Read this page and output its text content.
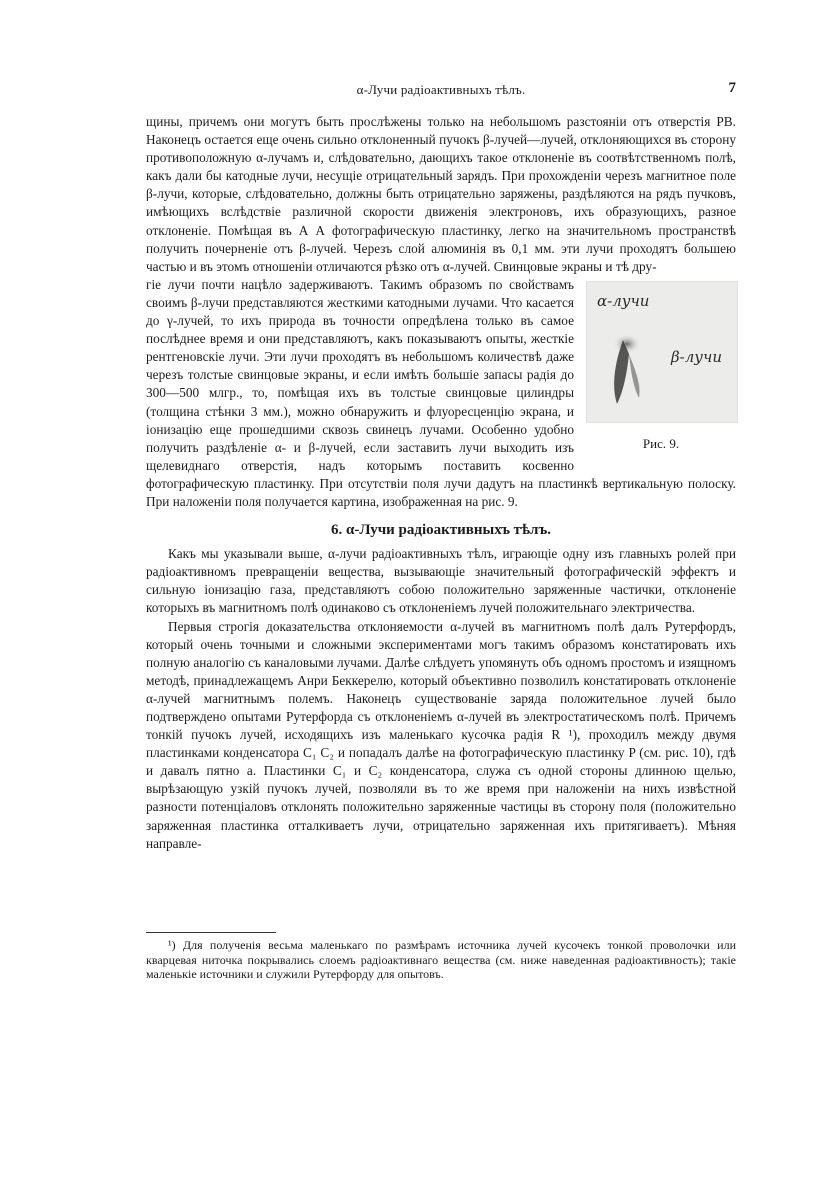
α-Лучи радіоактивныхъ тѣлъ.	7

щины, причемъ они могутъ быть прослѣжены только на небольшомъ разстояніи отъ отверстія PB. Наконецъ остается еще очень сильно отклоненный пучокъ β-лучей—лучей, отклоняющихся въ сторону противоположную α-лучамъ и, слѣдовательно, дающихъ такое отклоненіе въ соотвѣтственномъ полѣ, какъ дали бы катодные лучи, несущіе отрицательный зарядъ. При прохожденіи черезъ магнитное поле β-лучи, которые, слѣдовательно, должны быть отрицательно заряжены, раздѣляются на рядъ пучковъ, имѣющихъ вслѣдствіе различной скорости движенія электроновъ, ихъ образующихъ, разное отклоненіе. Помѣщая въ А А фотографическую пластинку, легко на значительномъ пространствѣ получить почерненіе отъ β-лучей. Черезъ слой алюминія въ 0,1 мм. эти лучи проходятъ большею частью и въ этомъ отношеніи отличаются рѣзко отъ α-лучей. Свинцовые экраны и тѣ дру-

α-лучи
β-лучи
Рис. 9.

гіе лучи почти нацѣло задерживаютъ. Такимъ образомъ по свойствамъ своимъ β-лучи представляются жесткими катодными лучами. Что касается до γ-лучей, то ихъ природа въ точности опредѣлена только въ самое послѣднее время и они представляютъ, какъ показываютъ опыты, жесткіе рентгеновскіе лучи. Эти лучи проходятъ въ небольшомъ количествѣ даже черезъ толстые свинцовые экраны, и если имѣть большіе запасы радія до 300—500 млгр., то, помѣщая ихъ въ толстые свинцовые цилиндры (толщина стѣнки 3 мм.), можно обнаружить и флуоресценцію экрана, и іонизацію еще прошедшими сквозь свинецъ лучами. Особенно удобно получить раздѣленіе α- и β-лучей, если заставить лучи выходить изъ щелевиднаго отверстія, надъ которымъ поставить косвенно фотографическую пластинку. При отсутствіи поля лучи дадутъ на пластинкѣ вертикальную полоску. При наложеніи поля получается картина, изображенная на рис. 9.

6. α-Лучи радіоактивныхъ тѣлъ.

Какъ мы указывали выше, α-лучи радіоактивныхъ тѣлъ, играющіе одну изъ главныхъ ролей при радіоактивномъ превращеніи вещества, вызывающіе значительный фотографическій эффектъ и сильную іонизацію газа, представляютъ собою положительно заряженные частички, отклоненіе которыхъ въ магнитномъ полѣ одинаково съ отклоненіемъ лучей положительнаго электричества.

Первыя строгія доказательства отклоняемости α-лучей въ магнитномъ полѣ далъ Рутерфордъ, который очень точными и сложными экспериментами могъ такимъ образомъ констатировать ихъ полную аналогію съ каналовыми лучами. Далѣе слѣдуетъ упомянуть объ одномъ простомъ и изящномъ методѣ, принадлежащемъ Анри Беккерелю, который объективно позволилъ констатировать отклоненіе α-лучей магнитнымъ полемъ. Наконецъ существованіе заряда положительное лучей было подтверждено опытами Рутерфорда съ отклоненіемъ α-лучей въ электростатическомъ полѣ. Причемъ тонкій пучокъ лучей, исходящихъ изъ маленькаго кусочка радія R ¹), проходилъ между двумя пластинками конденсатора C₁ C₂ и попадалъ далѣе на фотографическую пластинку P (см. рис. 10), гдѣ и давалъ пятно a. Пластинки C₁ и C₂ конденсатора, служа съ одной стороны длинною щелью, вырѣзающую узкій пучокъ лучей, позволяли въ то же время при наложеніи на нихъ извѣстной разности потенціаловъ отклонять положительно заряженные частицы въ сторону поля (положительно заряженная пластинка отталкиваетъ лучи, отрицательно заряженная ихъ притягиваетъ). Мѣняя направле-

¹) Для полученія весьма маленькаго по размѣрамъ источника лучей кусочекъ тонкой проволочки или кварцевая ниточка покрывались слоемъ радіоактивнаго вещества (см. ниже наведенная радіоактивность); такіе маленькіе источники и служили Рутерфорду для опытовъ.
